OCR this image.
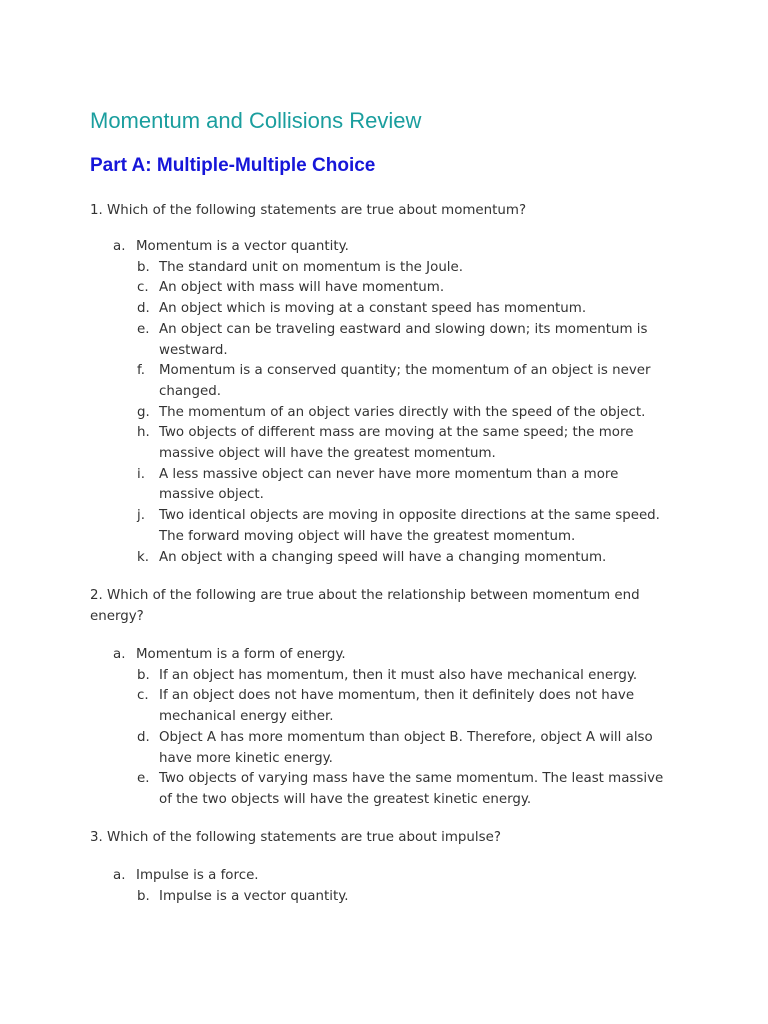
Momentum and Collisions Review
Part A: Multiple-Multiple Choice

1. Which of the following statements are true about momentum?

a. Momentum is a vector quantity.
b. The standard unit on momentum is the Joule.
c. An object with mass will have momentum.
d. An object which is moving at a constant speed has momentum.
e. An object can be traveling eastward and slowing down; its momentum is westward.
f. Momentum is a conserved quantity; the momentum of an object is never changed.
g. The momentum of an object varies directly with the speed of the object.
h. Two objects of different mass are moving at the same speed; the more massive object will have the greatest momentum.
i. A less massive object can never have more momentum than a more massive object.
j. Two identical objects are moving in opposite directions at the same speed. The forward moving object will have the greatest momentum.
k. An object with a changing speed will have a changing momentum.

2. Which of the following are true about the relationship between momentum end energy?

a. Momentum is a form of energy.
b. If an object has momentum, then it must also have mechanical energy.
c. If an object does not have momentum, then it definitely does not have mechanical energy either.
d. Object A has more momentum than object B. Therefore, object A will also have more kinetic energy.
e. Two objects of varying mass have the same momentum. The least massive of the two objects will have the greatest kinetic energy.

3. Which of the following statements are true about impulse?

a. Impulse is a force.
b. Impulse is a vector quantity.
